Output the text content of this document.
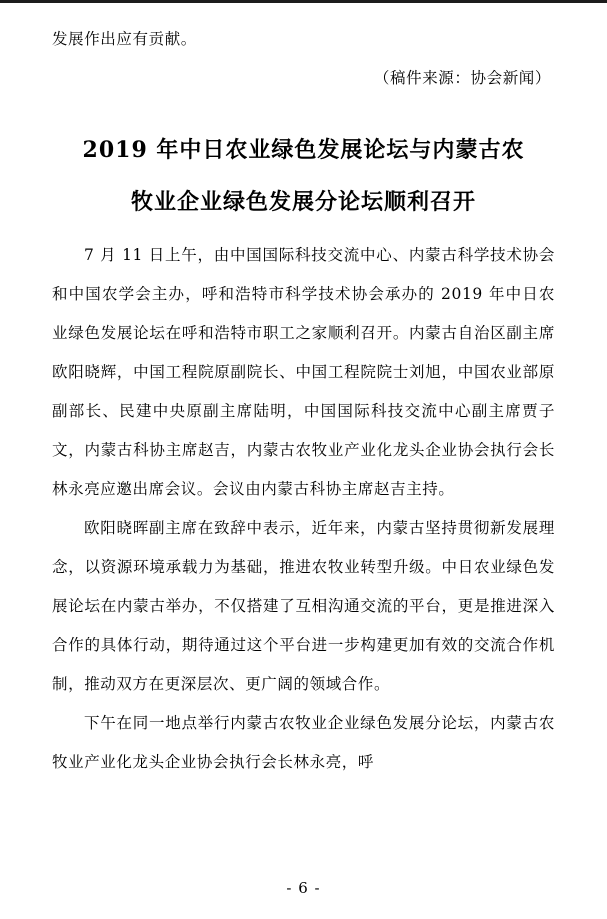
发展作出应有贡献。

（稿件来源：协会新闻）

2019 年中日农业绿色发展论坛与内蒙古农
牧业企业绿色发展分论坛顺利召开

7 月 11 日上午，由中国国际科技交流中心、内蒙古科学技术协会和中国农学会主办，呼和浩特市科学技术协会承办的 2019 年中日农业绿色发展论坛在呼和浩特市职工之家顺利召开。内蒙古自治区副主席欧阳晓辉，中国工程院原副院长、中国工程院院士刘旭，中国农业部原副部长、民建中央原副主席陆明，中国国际科技交流中心副主席贾子文，内蒙古科协主席赵吉，内蒙古农牧业产业化龙头企业协会执行会长林永亮应邀出席会议。会议由内蒙古科协主席赵吉主持。

欧阳晓晖副主席在致辞中表示，近年来，内蒙古坚持贯彻新发展理念，以资源环境承载力为基础，推进农牧业转型升级。中日农业绿色发展论坛在内蒙古举办，不仅搭建了互相沟通交流的平台，更是推进深入合作的具体行动，期待通过这个平台进一步构建更加有效的交流合作机制，推动双方在更深层次、更广阔的领域合作。

下午在同一地点举行内蒙古农牧业企业绿色发展分论坛，内蒙古农牧业产业化龙头企业协会执行会长林永亮，呼

- 6 -
